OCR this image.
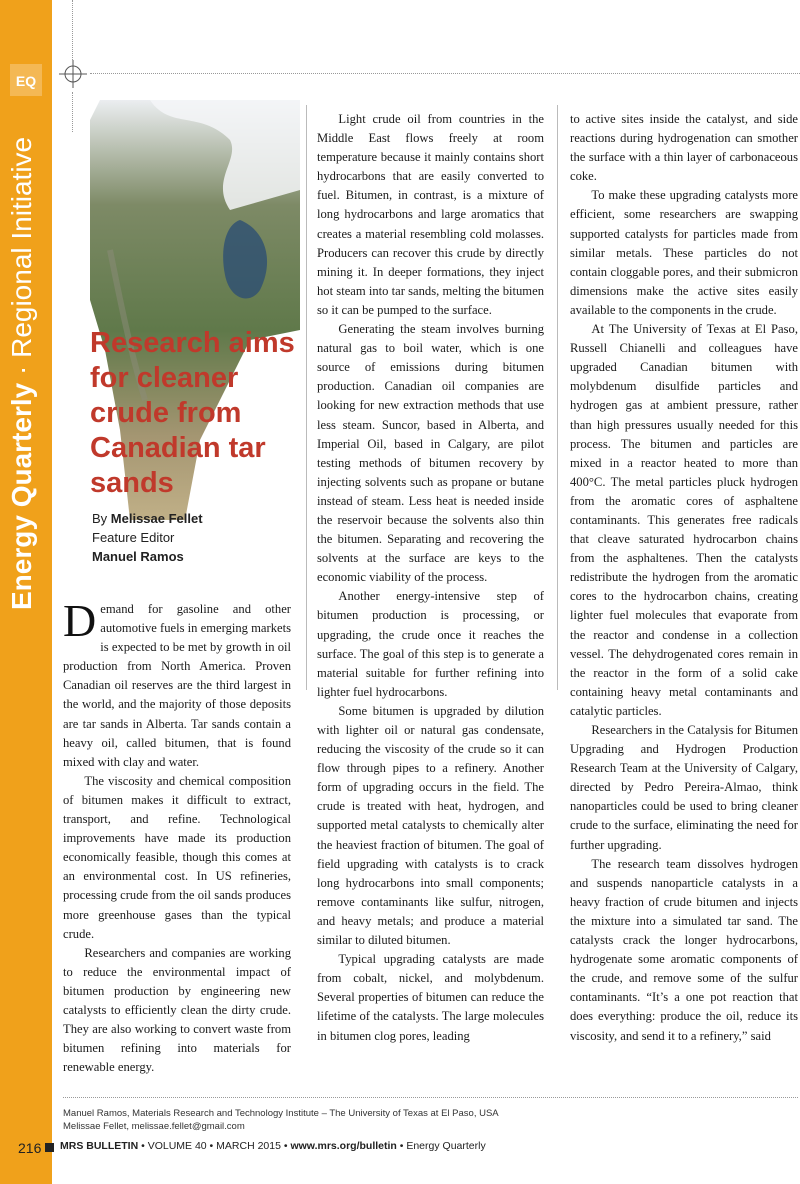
EQ
Energy Quarterly · Regional Initiative	Research aims for cleaner crude from Canadian tar sands
By Melissae Fellet
Feature Editor
Manuel Ramos

Demand for gasoline and other automotive fuels in emerging markets is expected to be met by growth in oil production from North America. Proven Canadian oil reserves are the third largest in the world, and the majority of those deposits are tar sands in Alberta. Tar sands contain a heavy oil, called bitumen, that is found mixed with clay and water.

The viscosity and chemical composition of bitumen makes it difficult to extract, transport, and refine. Technological improvements have made its production economically feasible, though this comes at an environmental cost. In US refineries, processing crude from the oil sands produces more greenhouse gases than the typical crude.

Researchers and companies are working to reduce the environmental impact of bitumen production by engineering new catalysts to efficiently clean the dirty crude. They are also working to convert waste from bitumen refining into materials for renewable energy.

Light crude oil from countries in the Middle East flows freely at room temperature because it mainly contains short hydrocarbons that are easily converted to fuel. Bitumen, in contrast, is a mixture of long hydrocarbons and large aromatics that creates a material resembling cold molasses. Producers can recover this crude by directly mining it. In deeper formations, they inject hot steam into tar sands, melting the bitumen so it can be pumped to the surface.

Generating the steam involves burning natural gas to boil water, which is one source of emissions during bitumen production. Canadian oil companies are looking for new extraction methods that use less steam. Suncor, based in Alberta, and Imperial Oil, based in Calgary, are pilot testing methods of bitumen recovery by injecting solvents such as propane or butane instead of steam. Less heat is needed inside the reservoir because the solvents also thin the bitumen. Separating and recovering the solvents at the surface are keys to the economic viability of the process.

Another energy-intensive step of bitumen production is processing, or upgrading, the crude once it reaches the surface. The goal of this step is to generate a material suitable for further refining into lighter fuel hydrocarbons.

Some bitumen is upgraded by dilution with lighter oil or natural gas condensate, reducing the viscosity of the crude so it can flow through pipes to a refinery. Another form of upgrading occurs in the field. The crude is treated with heat, hydrogen, and supported metal catalysts to chemically alter the heaviest fraction of bitumen. The goal of field upgrading with catalysts is to crack long hydrocarbons into small components; remove contaminants like sulfur, nitrogen, and heavy metals; and produce a material similar to diluted bitumen.

Typical upgrading catalysts are made from cobalt, nickel, and molybdenum. Several properties of bitumen can reduce the lifetime of the catalysts. The large molecules in bitumen clog pores, leading

to active sites inside the catalyst, and side reactions during hydrogenation can smother the surface with a thin layer of carbonaceous coke.

To make these upgrading catalysts more efficient, some researchers are swapping supported catalysts for particles made from similar metals. These particles do not contain cloggable pores, and their submicron dimensions make the active sites easily available to the components in the crude.

At The University of Texas at El Paso, Russell Chianelli and colleagues have upgraded Canadian bitumen with molybdenum disulfide particles and hydrogen gas at ambient pressure, rather than high pressures usually needed for this process. The bitumen and particles are mixed in a reactor heated to more than 400°C. The metal particles pluck hydrogen from the aromatic cores of asphaltene contaminants. This generates free radicals that cleave saturated hydrocarbon chains from the asphaltenes. Then the catalysts redistribute the hydrogen from the aromatic cores to the hydrocarbon chains, creating lighter fuel molecules that evaporate from the reactor and condense in a collection vessel. The dehydrogenated cores remain in the reactor in the form of a solid cake containing heavy metal contaminants and catalytic particles.

Researchers in the Catalysis for Bitumen Upgrading and Hydrogen Production Research Team at the University of Calgary, directed by Pedro Pereira-Almao, think nanoparticles could be used to bring cleaner crude to the surface, eliminating the need for further upgrading.

The research team dissolves hydrogen and suspends nanoparticle catalysts in a heavy fraction of crude bitumen and injects the mixture into a simulated tar sand. The catalysts crack the longer hydrocarbons, hydrogenate some aromatic components of the crude, and remove some of the sulfur contaminants. “It’s a one pot reaction that does everything: produce the oil, reduce its viscosity, and send it to a refinery,” said

Manuel Ramos, Materials Research and Technology Institute – The University of Texas at El Paso, USA
Melissae Fellet, melissae.fellet@gmail.com
216 MRS BULLETIN • VOLUME 40 • MARCH 2015 • www.mrs.org/bulletin • Energy Quarterly
